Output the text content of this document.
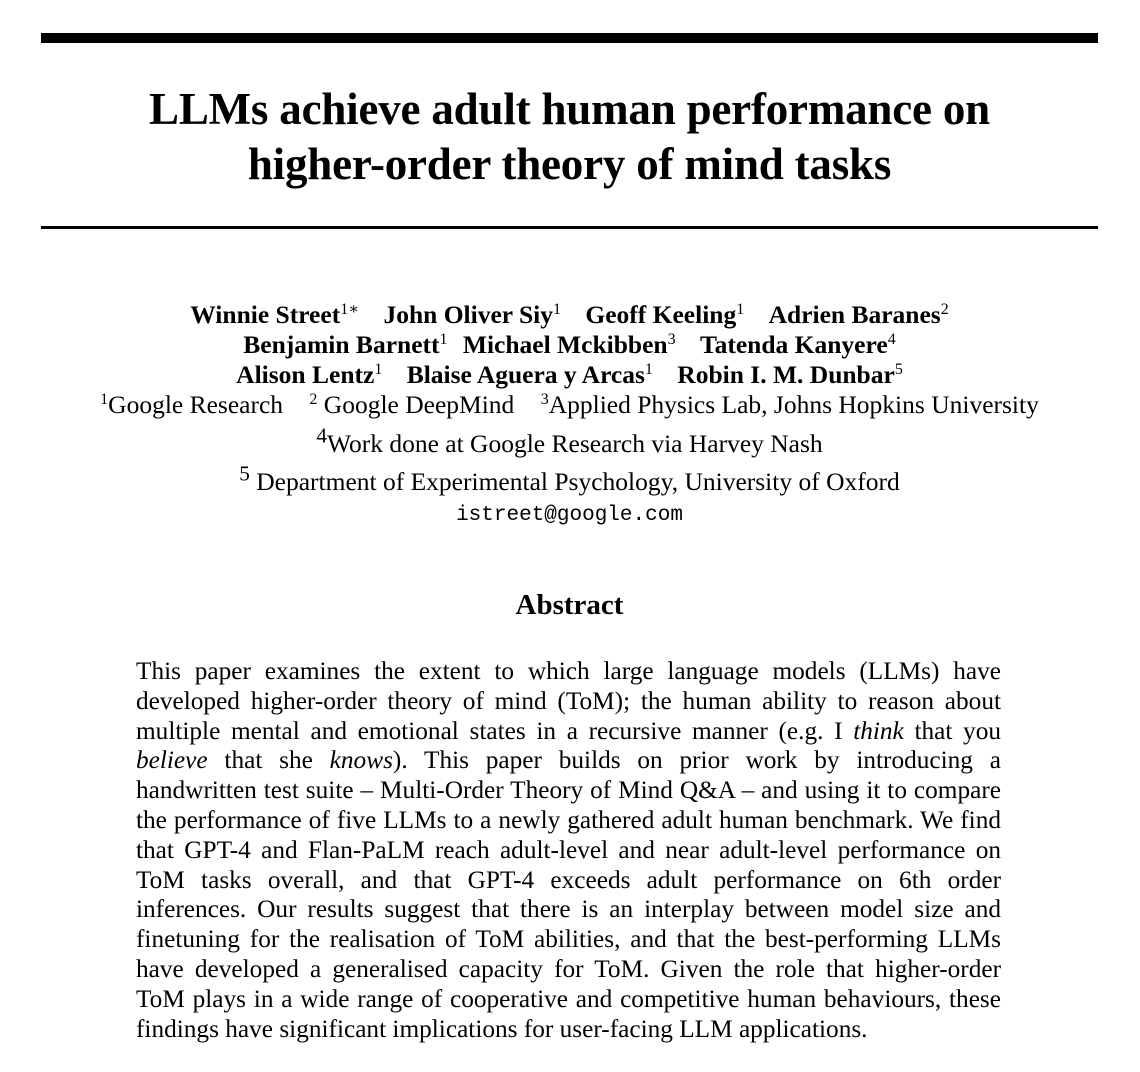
LLMs achieve adult human performance on
higher-order theory of mind tasks
Winnie Street$^{1∗}$ John Oliver Siy$^1$ Geoff Keeling$^1$ Adrien Baranes$^2$
Benjamin Barnett$^1$ Michael Mckibben$^3$ Tatenda Kanyere$^4$
Alison Lentz$^1$ Blaise Aguera y Arcas$^1$ Robin I. M. Dunbar$^5$
$^1$Google Research $^2$ Google DeepMind $^3$Applied Physics Lab, Johns Hopkins University
$^4$Work done at Google Research via Harvey Nash
$^5$ Department of Experimental Psychology, University of Oxford
istreet@google.com
Abstract
This paper examines the extent to which large language models (LLMs) have developed higher-order theory of mind (ToM); the human ability to reason about multiple mental and emotional states in a recursive manner (e.g. I think that you believe that she knows). This paper builds on prior work by introducing a handwritten test suite – Multi-Order Theory of Mind Q&A – and using it to compare the performance of five LLMs to a newly gathered adult human benchmark. We find that GPT-4 and Flan-PaLM reach adult-level and near adult-level performance on ToM tasks overall, and that GPT-4 exceeds adult performance on 6th order inferences. Our results suggest that there is an interplay between model size and finetuning for the realisation of ToM abilities, and that the best-performing LLMs have developed a generalised capacity for ToM. Given the role that higher-order ToM plays in a wide range of cooperative and competitive human behaviours, these findings have significant implications for user-facing LLM applications.
